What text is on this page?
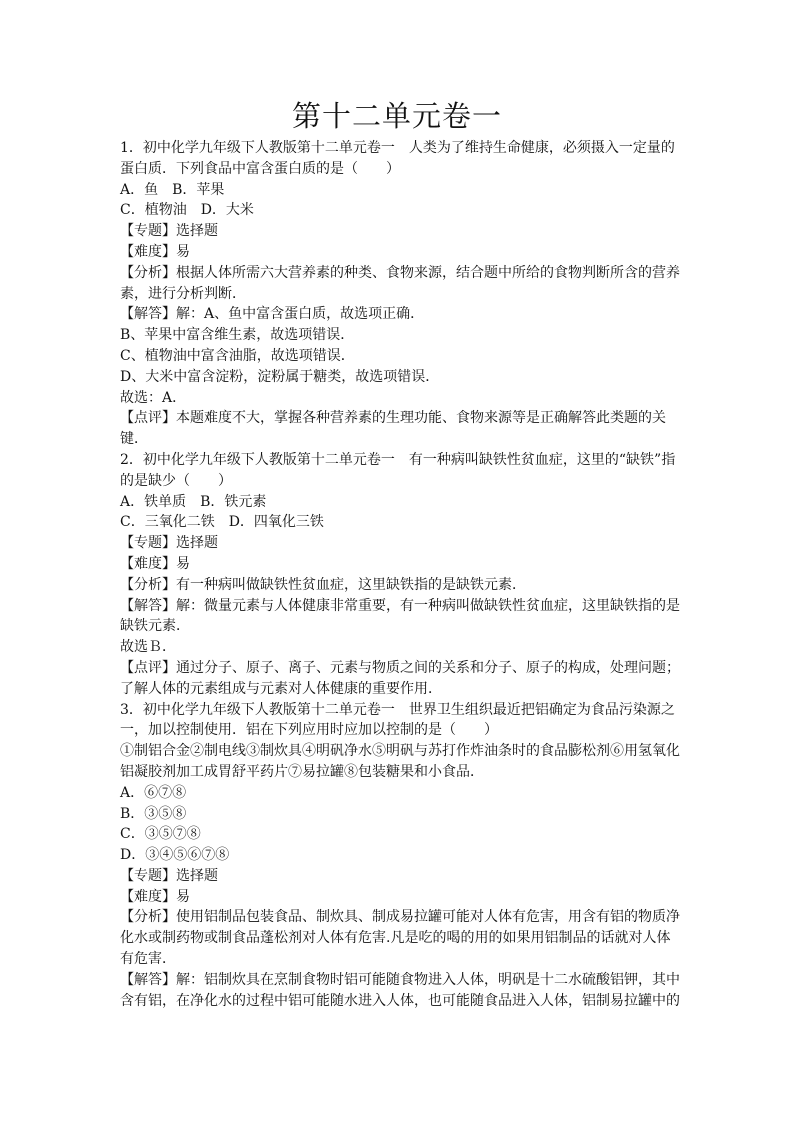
第十二单元卷一

1．初中化学九年级下人教版第十二单元卷一　人类为了维持生命健康，必须摄入一定量的

蛋白质．下列食品中富含蛋白质的是（　　）

A．鱼　B．苹果

C．植物油　D．大米

【专题】选择题

【难度】易

【分析】根据人体所需六大营养素的种类、食物来源，结合题中所给的食物判断所含的营养

素，进行分析判断．

【解答】解：A、鱼中富含蛋白质，故选项正确．

B、苹果中富含维生素，故选项错误．

C、植物油中富含油脂，故选项错误．

D、大米中富含淀粉，淀粉属于糖类，故选项错误．

故选：A．

【点评】本题难度不大，掌握各种营养素的生理功能、食物来源等是正确解答此类题的关

键．

2．初中化学九年级下人教版第十二单元卷一　有一种病叫缺铁性贫血症，这里的“缺铁”指

的是缺少（　　）

A．铁单质　B．铁元素

C．三氧化二铁　D．四氧化三铁

【专题】选择题

【难度】易

【分析】有一种病叫做缺铁性贫血症，这里缺铁指的是缺铁元素．

【解答】解：微量元素与人体健康非常重要，有一种病叫做缺铁性贫血症，这里缺铁指的是

缺铁元素．

故选Ｂ．

【点评】通过分子、原子、离子、元素与物质之间的关系和分子、原子的构成，处理问题；

了解人体的元素组成与元素对人体健康的重要作用．

3．初中化学九年级下人教版第十二单元卷一　世界卫生组织最近把铝确定为食品污染源之

一，加以控制使用．铝在下列应用时应加以控制的是（　　）

①制铝合金②制电线③制炊具④明矾净水⑤明矾与苏打作炸油条时的食品膨松剂⑥用氢氧化

铝凝胶剂加工成胃舒平药片⑦易拉罐⑧包装糖果和小食品．

A．⑥⑦⑧

B．③⑤⑧

C．③⑤⑦⑧

D．③④⑤⑥⑦⑧

【专题】选择题

【难度】易

【分析】使用铝制品包装食品、制炊具、制成易拉罐可能对人体有危害，用含有铝的物质净

化水或制药物或制食品蓬松剂对人体有危害.凡是吃的喝的用的如果用铝制品的话就对人体

有危害．

【解答】解：铝制炊具在烹制食物时铝可能随食物进入人体，明矾是十二水硫酸铝钾，其中

含有铝，在净化水的过程中铝可能随水进入人体，也可能随食品进入人体，铝制易拉罐中的
